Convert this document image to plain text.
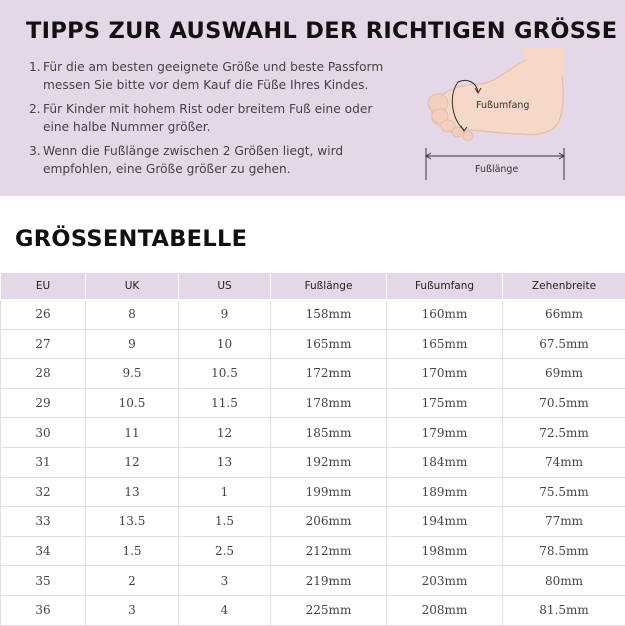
TIPPS ZUR AUSWAHL DER RICHTIGEN GRÖSSE
1. Für die am besten geeignete Größe und beste Passform messen Sie bitte vor dem Kauf die Füße Ihres Kindes.
2. Für Kinder mit hohem Rist oder breitem Fuß eine oder eine halbe Nummer größer.
3. Wenn die Fußlänge zwischen 2 Größen liegt, wird empfohlen, eine Größe größer zu gehen.
Fußumfang
Fußlänge
GRÖSSENTABELLE
EU	UK	US	Fußlänge	Fußumfang	Zehenbreite
26	8	9	158mm	160mm	66mm
27	9	10	165mm	165mm	67.5mm
28	9.5	10.5	172mm	170mm	69mm
29	10.5	11.5	178mm	175mm	70.5mm
30	11	12	185mm	179mm	72.5mm
31	12	13	192mm	184mm	74mm
32	13	1	199mm	189mm	75.5mm
33	13.5	1.5	206mm	194mm	77mm
34	1.5	2.5	212mm	198mm	78.5mm
35	2	3	219mm	203mm	80mm
36	3	4	225mm	208mm	81.5mm
